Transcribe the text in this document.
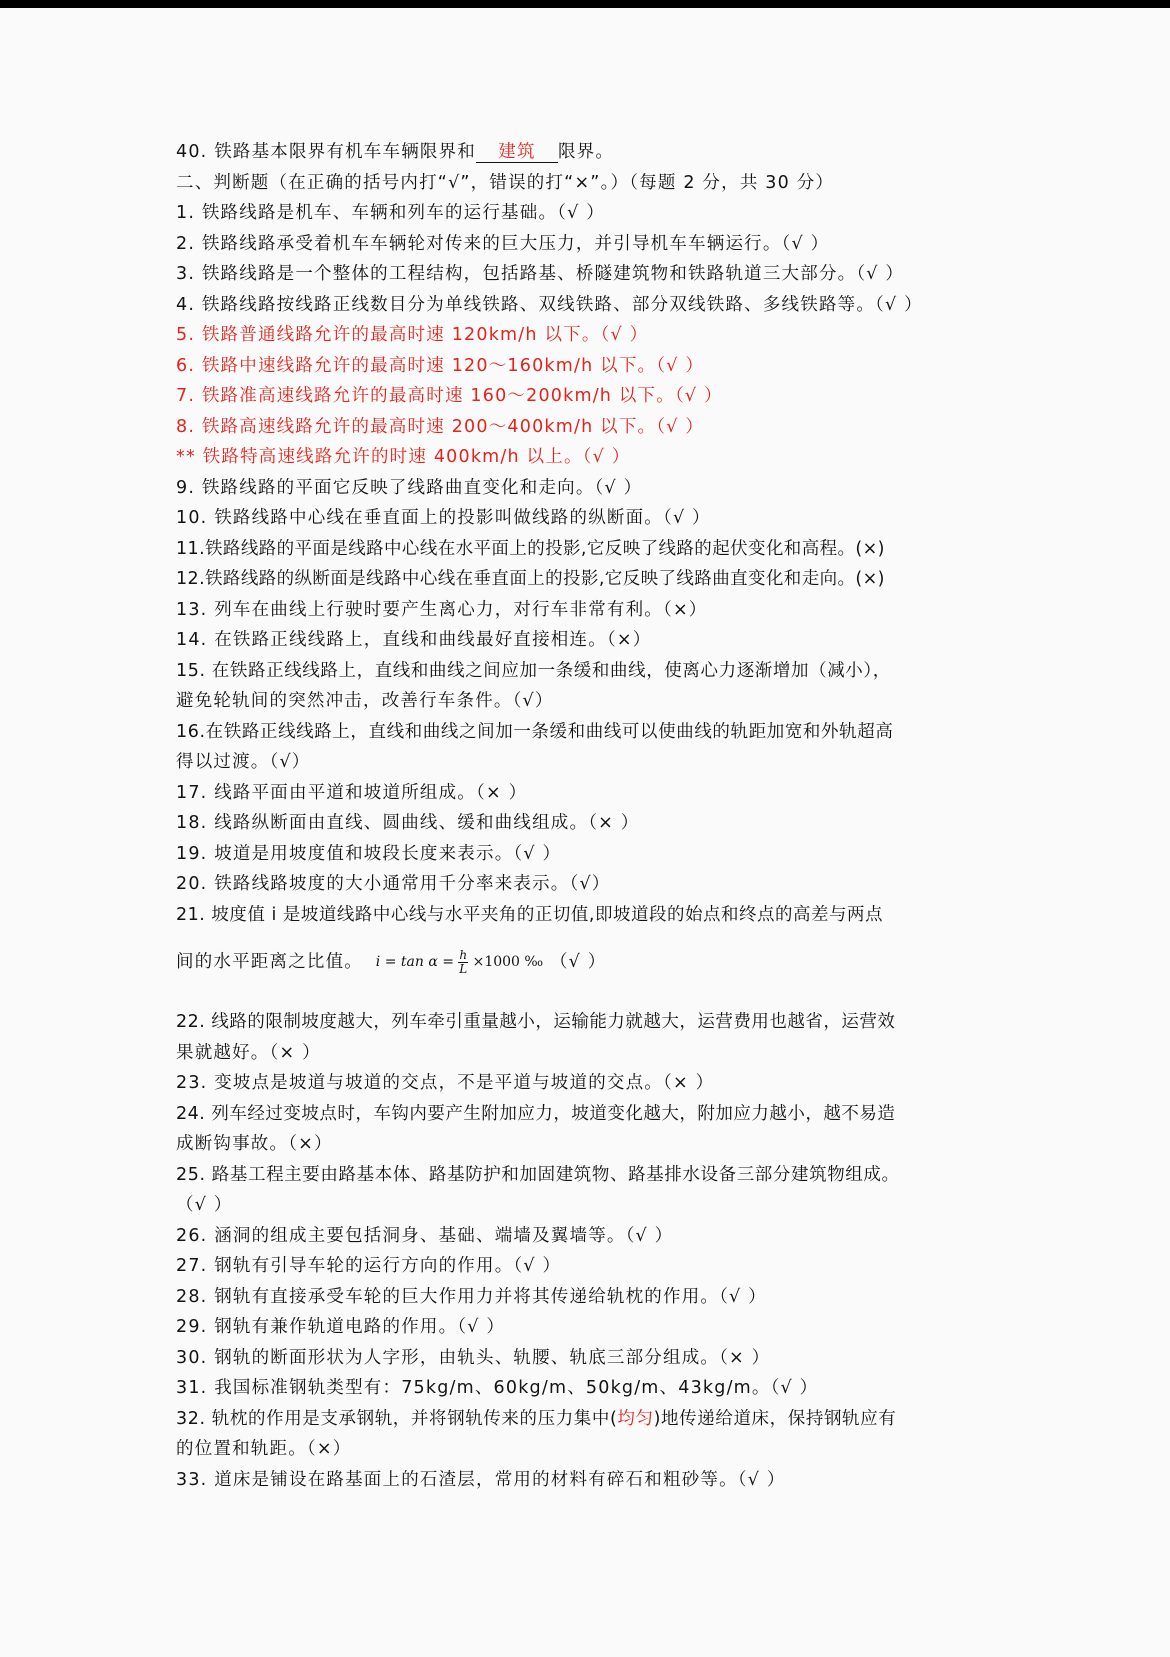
40. 铁路基本限界有机车车辆限界和 建筑 限界。
二、判断题（在正确的括号内打“√”，错误的打“×”。）（每题 2 分，共 30 分）
1. 铁路线路是机车、车辆和列车的运行基础。（√ ）
2. 铁路线路承受着机车车辆轮对传来的巨大压力，并引导机车车辆运行。（√ ）
3. 铁路线路是一个整体的工程结构，包括路基、桥隧建筑物和铁路轨道三大部分。（√ ）
4. 铁路线路按线路正线数目分为单线铁路、双线铁路、部分双线铁路、多线铁路等。（√ ）
5. 铁路普通线路允许的最高时速 120km/h 以下。（√ ）
6. 铁路中速线路允许的最高时速 120～160km/h 以下。（√ ）
7. 铁路准高速线路允许的最高时速 160～200km/h 以下。（√ ）
8. 铁路高速线路允许的最高时速 200～400km/h 以下。（√ ）
** 铁路特高速线路允许的时速 400km/h 以上。（√ ）
9. 铁路线路的平面它反映了线路曲直变化和走向。（√ ）
10. 铁路线路中心线在垂直面上的投影叫做线路的纵断面。（√ ）
11.铁路线路的平面是线路中心线在水平面上的投影,它反映了线路的起伏变化和高程。(×)
12.铁路线路的纵断面是线路中心线在垂直面上的投影,它反映了线路曲直变化和走向。(×)
13. 列车在曲线上行驶时要产生离心力，对行车非常有利。（×）
14. 在铁路正线线路上，直线和曲线最好直接相连。（×）
15. 在铁路正线线路上，直线和曲线之间应加一条缓和曲线，使离心力逐渐增加（减小），
避免轮轨间的突然冲击，改善行车条件。（√）
16.在铁路正线线路上，直线和曲线之间加一条缓和曲线可以使曲线的轨距加宽和外轨超高
得以过渡。（√）
17. 线路平面由平道和坡道所组成。（× ）
18. 线路纵断面由直线、圆曲线、缓和曲线组成。（× ）
19. 坡道是用坡度值和坡段长度来表示。（√ ）
20. 铁路线路坡度的大小通常用千分率来表示。（√）
21. 坡度值 i 是坡道线路中心线与水平夹角的正切值,即坡道段的始点和终点的高差与两点
间的水平距离之比值。 $i = \tan \alpha = \frac{h}{L} \times 1000$ ‰ （√ ）
22. 线路的限制坡度越大，列车牵引重量越小，运输能力就越大，运营费用也越省，运营效
果就越好。（× ）
23. 变坡点是坡道与坡道的交点，不是平道与坡道的交点。（× ）
24. 列车经过变坡点时，车钩内要产生附加应力，坡道变化越大，附加应力越小，越不易造
成断钩事故。（×）
25. 路基工程主要由路基本体、路基防护和加固建筑物、路基排水设备三部分建筑物组成。
（√ ）
26. 涵洞的组成主要包括洞身、基础、端墙及翼墙等。（√ ）
27. 钢轨有引导车轮的运行方向的作用。（√ ）
28. 钢轨有直接承受车轮的巨大作用力并将其传递给轨枕的作用。（√ ）
29. 钢轨有兼作轨道电路的作用。（√ ）
30. 钢轨的断面形状为人字形，由轨头、轨腰、轨底三部分组成。（× ）
31. 我国标准钢轨类型有：75kg/m、60kg/m、50kg/m、43kg/m。（√ ）
32. 轨枕的作用是支承钢轨，并将钢轨传来的压力集中(均匀)地传递给道床，保持钢轨应有
的位置和轨距。（×）
33. 道床是铺设在路基面上的石渣层，常用的材料有碎石和粗砂等。（√ ）
